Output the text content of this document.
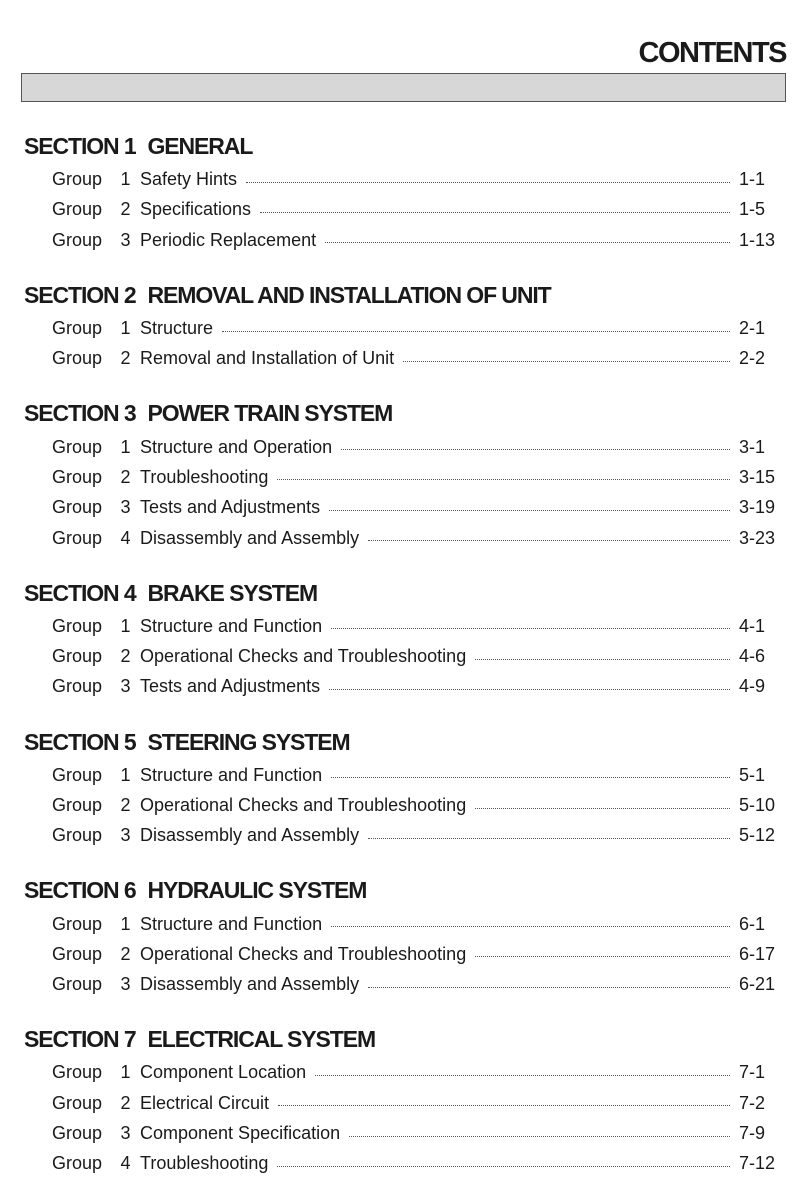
CONTENTS
SECTION 1 GENERAL
Group	1 Safety Hints	1-1
Group	2 Specifications	1-5
Group	3 Periodic Replacement	1-13
SECTION 2 REMOVAL AND INSTALLATION OF UNIT
Group	1 Structure	2-1
Group	2 Removal and Installation of Unit	2-2
SECTION 3 POWER TRAIN SYSTEM
Group	1 Structure and Operation	3-1
Group	2 Troubleshooting	3-15
Group	3 Tests and Adjustments	3-19
Group	4 Disassembly and Assembly	3-23
SECTION 4 BRAKE SYSTEM
Group	1 Structure and Function	4-1
Group	2 Operational Checks and Troubleshooting	4-6
Group	3 Tests and Adjustments	4-9
SECTION 5 STEERING SYSTEM
Group	1 Structure and Function	5-1
Group	2 Operational Checks and Troubleshooting	5-10
Group	3 Disassembly and Assembly	5-12
SECTION 6 HYDRAULIC SYSTEM
Group	1 Structure and Function	6-1
Group	2 Operational Checks and Troubleshooting	6-17
Group	3 Disassembly and Assembly	6-21
SECTION 7 ELECTRICAL SYSTEM
Group	1 Component Location	7-1
Group	2 Electrical Circuit	7-2
Group	3 Component Specification	7-9
Group	4 Troubleshooting	7-12
